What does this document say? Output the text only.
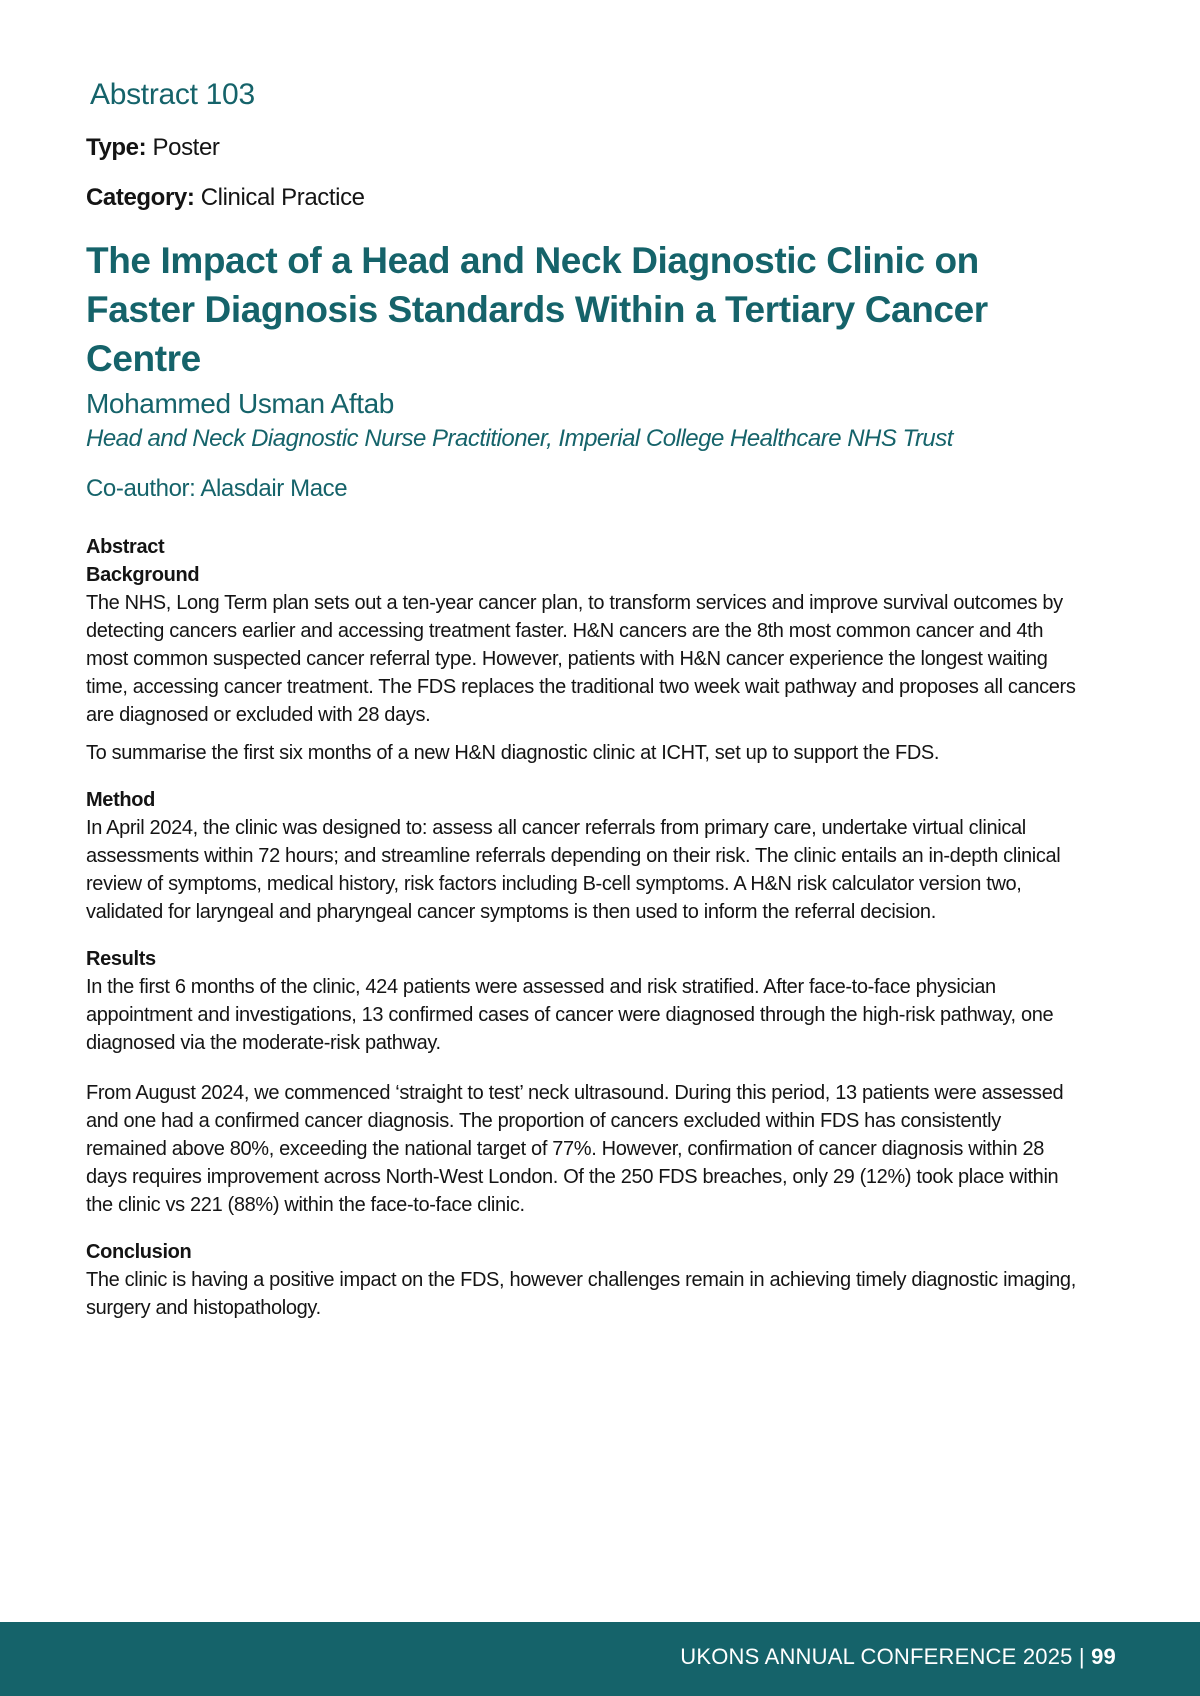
Abstract 103
Type: Poster
Category: Clinical Practice
The Impact of a Head and Neck Diagnostic Clinic on Faster Diagnosis Standards Within a Tertiary Cancer Centre
Mohammed Usman Aftab
Head and Neck Diagnostic Nurse Practitioner, Imperial College Healthcare NHS Trust
Co-author: Alasdair Mace
Abstract
Background

The NHS, Long Term plan sets out a ten-year cancer plan, to transform services and improve survival outcomes by detecting cancers earlier and accessing treatment faster. H&N cancers are the 8th most common cancer and 4th most common suspected cancer referral type. However, patients with H&N cancer experience the longest waiting time, accessing cancer treatment. The FDS replaces the traditional two week wait pathway and proposes all cancers are diagnosed or excluded with 28 days.

To summarise the first six months of a new H&N diagnostic clinic at ICHT, set up to support the FDS.

Method

In April 2024, the clinic was designed to: assess all cancer referrals from primary care, undertake virtual clinical assessments within 72 hours; and streamline referrals depending on their risk. The clinic entails an in-depth clinical review of symptoms, medical history, risk factors including B-cell symptoms. A H&N risk calculator version two, validated for laryngeal and pharyngeal cancer symptoms is then used to inform the referral decision.

Results

In the first 6 months of the clinic, 424 patients were assessed and risk stratified. After face-to-face physician appointment and investigations, 13 confirmed cases of cancer were diagnosed through the high-risk pathway, one diagnosed via the moderate-risk pathway.

From August 2024, we commenced ‘straight to test’ neck ultrasound. During this period, 13 patients were assessed and one had a confirmed cancer diagnosis. The proportion of cancers excluded within FDS has consistently remained above 80%, exceeding the national target of 77%. However, confirmation of cancer diagnosis within 28 days requires improvement across North-West London. Of the 250 FDS breaches, only 29 (12%) took place within the clinic vs 221 (88%) within the face-to-face clinic.

Conclusion

The clinic is having a positive impact on the FDS, however challenges remain in achieving timely diagnostic imaging, surgery and histopathology.

UKONS ANNUAL CONFERENCE 2025 | 99
